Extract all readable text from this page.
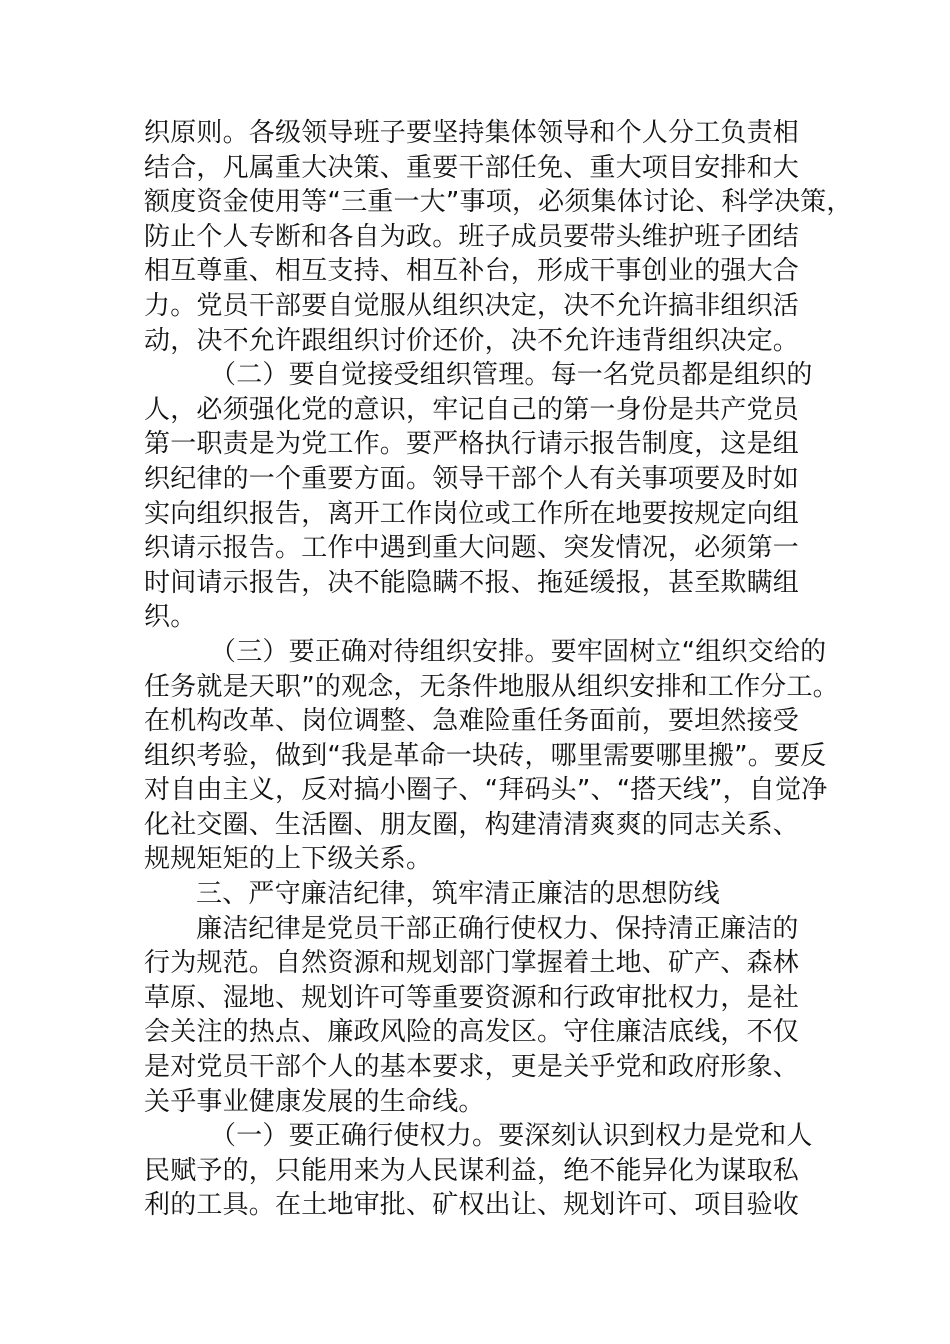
织原则。各级领导班子要坚持集体领导和个人分工负责相
结合，凡属重大决策、重要干部任免、重大项目安排和大
额度资金使用等“三重一大”事项，必须集体讨论、科学决策，
防止个人专断和各自为政。班子成员要带头维护班子团结
相互尊重、相互支持、相互补台，形成干事创业的强大合
力。党员干部要自觉服从组织决定，决不允许搞非组织活
动，决不允许跟组织讨价还价，决不允许违背组织决定。
（二）要自觉接受组织管理。每一名党员都是组织的
人，必须强化党的意识，牢记自己的第一身份是共产党员
第一职责是为党工作。要严格执行请示报告制度，这是组
织纪律的一个重要方面。领导干部个人有关事项要及时如
实向组织报告，离开工作岗位或工作所在地要按规定向组
织请示报告。工作中遇到重大问题、突发情况，必须第一
时间请示报告，决不能隐瞒不报、拖延缓报，甚至欺瞒组
织。
（三）要正确对待组织安排。要牢固树立“组织交给的
任务就是天职”的观念，无条件地服从组织安排和工作分工。
在机构改革、岗位调整、急难险重任务面前，要坦然接受
组织考验，做到“我是革命一块砖，哪里需要哪里搬”。要反
对自由主义，反对搞小圈子、“拜码头”、“搭天线”，自觉净
化社交圈、生活圈、朋友圈，构建清清爽爽的同志关系、
规规矩矩的上下级关系。
三、严守廉洁纪律，筑牢清正廉洁的思想防线
廉洁纪律是党员干部正确行使权力、保持清正廉洁的
行为规范。自然资源和规划部门掌握着土地、矿产、森林
草原、湿地、规划许可等重要资源和行政审批权力，是社
会关注的热点、廉政风险的高发区。守住廉洁底线，不仅
是对党员干部个人的基本要求，更是关乎党和政府形象、
关乎事业健康发展的生命线。
（一）要正确行使权力。要深刻认识到权力是党和人
民赋予的，只能用来为人民谋利益，绝不能异化为谋取私
利的工具。在土地审批、矿权出让、规划许可、项目验收
